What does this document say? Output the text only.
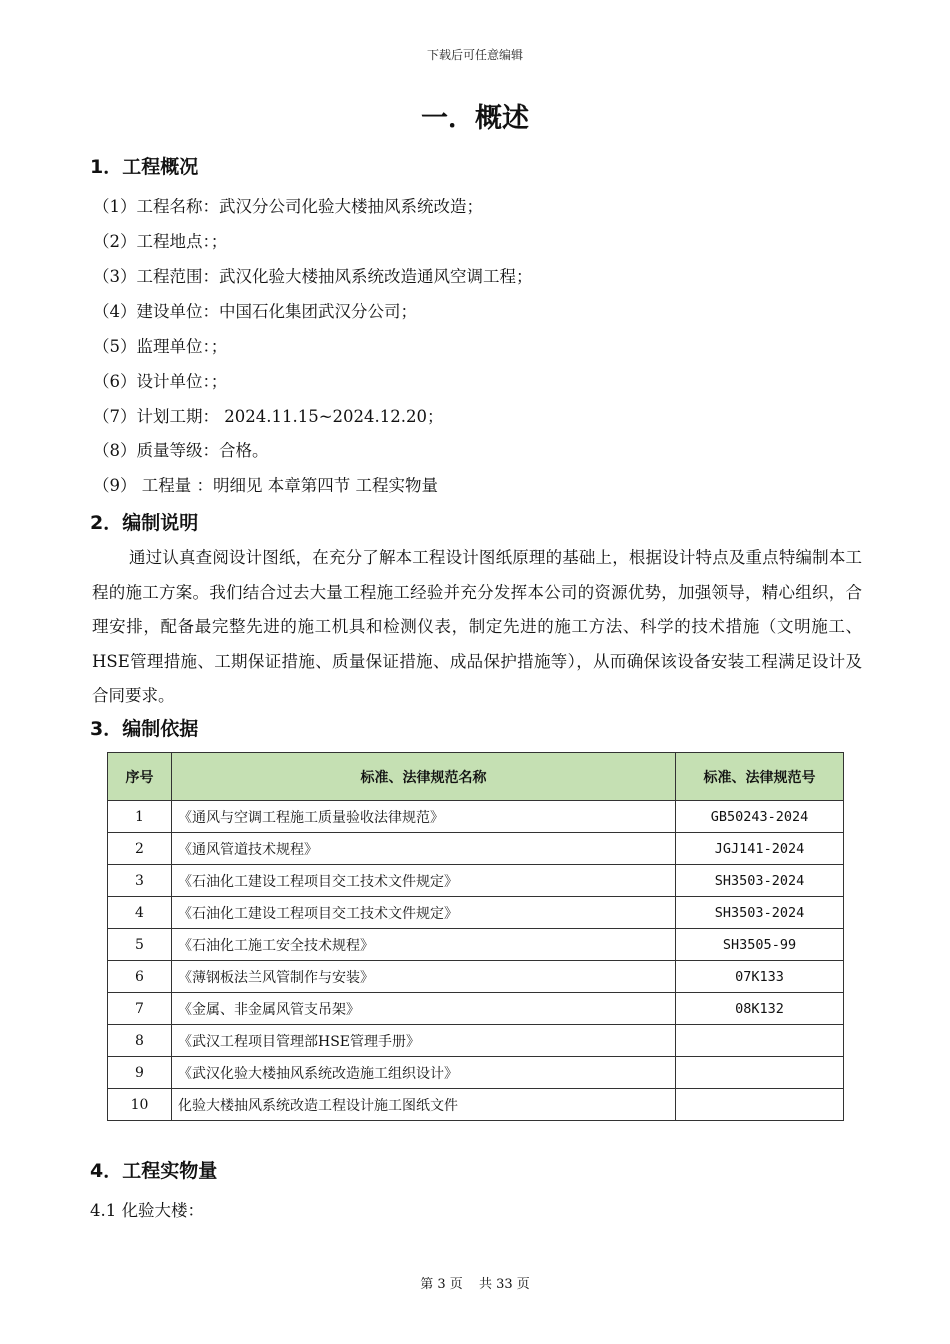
下载后可任意编辑
一．概述
1．工程概况
（1）工程名称：武汉分公司化验大楼抽风系统改造；
（2）工程地点：；
（3）工程范围：武汉化验大楼抽风系统改造通风空调工程；
（4）建设单位：中国石化集团武汉分公司；
（5）监理单位：；
（6）设计单位：；
（7）计划工期： 2024.11.15~2024.12.20；
（8）质量等级：合格。
（9） 工程量 ：明细见 本章第四节 工程实物量
2．编制说明
通过认真查阅设计图纸，在充分了解本工程设计图纸原理的基础上，根据设计特点及重点特编制本工程的施工方案。我们结合过去大量工程施工经验并充分发挥本公司的资源优势，加强领导，精心组织，合理安排，配备最完整先进的施工机具和检测仪表，制定先进的施工方法、科学的技术措施（文明施工、HSE管理措施、工期保证措施、质量保证措施、成品保护措施等），从而确保该设备安装工程满足设计及合同要求。
3．编制依据
序号	标准、法律规范名称	标准、法律规范号
1	《通风与空调工程施工质量验收法律规范》	GB50243-2024
2	《通风管道技术规程》	JGJ141-2024
3	《石油化工建设工程项目交工技术文件规定》	SH3503-2024
4	《石油化工建设工程项目交工技术文件规定》	SH3503-2024
5	《石油化工施工安全技术规程》	SH3505-99
6	《薄钢板法兰风管制作与安装》	07K133
7	《金属、非金属风管支吊架》	08K132
8	《武汉工程项目管理部HSE管理手册》	
9	《武汉化验大楼抽风系统改造施工组织设计》	
10	化验大楼抽风系统改造工程设计施工图纸文件	
4．工程实物量
4.1 化验大楼：
第 3 页 共 33 页
